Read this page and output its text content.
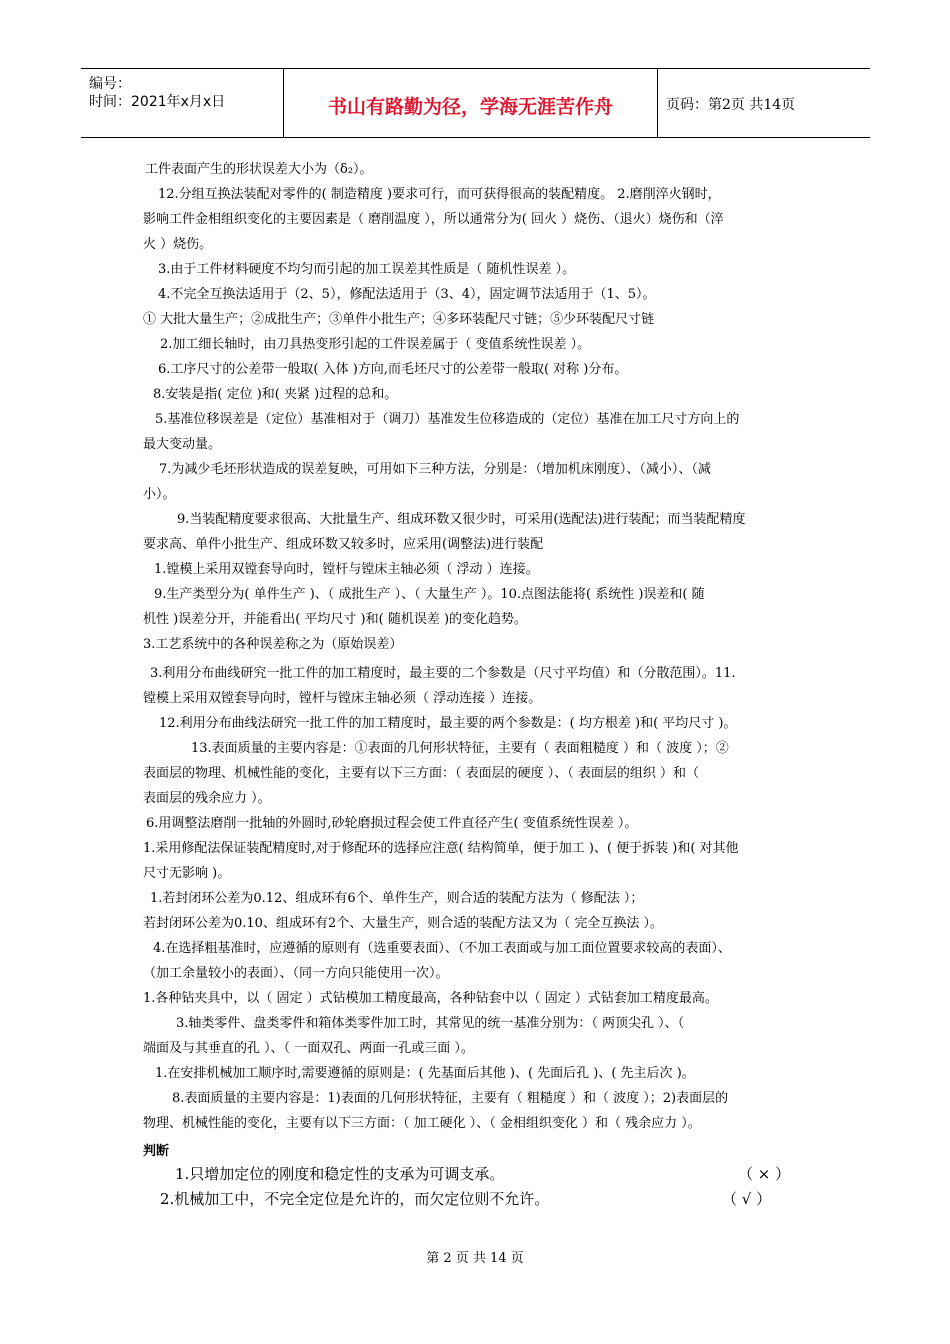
编号：
时间：2021年x月x日	书山有路勤为径，学海无涯苦作舟	页码：第2页 共14页
工件表面产生的形状误差大小为（δ₂）。
12.分组互换法装配对零件的( 制造精度 )要求可行，而可获得很高的装配精度。 2.磨削淬火钢时，
影响工件金相组织变化的主要因素是（ 磨削温度 ），所以通常分为( 回火 ）烧伤、（退火）烧伤和（淬
火 ）烧伤。
3.由于工件材料硬度不均匀而引起的加工误差其性质是（ 随机性误差 ）。
4.不完全互换法适用于（2、5），修配法适用于（3、4），固定调节法适用于（1、5）。
① 大批大量生产；②成批生产；③单件小批生产；④多环装配尺寸链；⑤少环装配尺寸链
2.加工细长轴时，由刀具热变形引起的工件误差属于（ 变值系统性误差 ）。
6.工序尺寸的公差带一般取( 入体 )方向,而毛坯尺寸的公差带一般取( 对称 )分布。
8.安装是指( 定位 )和( 夹紧 )过程的总和。
5.基准位移误差是（定位）基准相对于（调刀）基准发生位移造成的（定位）基准在加工尺寸方向上的
最大变动量。
7.为减少毛坯形状造成的误差复映，可用如下三种方法，分别是：（增加机床刚度）、（减小）、（减
小）。
9.当装配精度要求很高、大批量生产、组成环数又很少时，可采用(选配法)进行装配；而当装配精度
要求高、单件小批生产、组成环数又较多时，应采用(调整法)进行装配
1.镗模上采用双镗套导向时，镗杆与镗床主轴必须（ 浮动 ）连接。
9.生产类型分为( 单件生产 )、（ 成批生产 ）、（ 大量生产 ）。10.点图法能将( 系统性 )误差和( 随
机性 )误差分开，并能看出( 平均尺寸 )和( 随机误差 )的变化趋势。
3.工艺系统中的各种误差称之为（原始误差）
3.利用分布曲线研究一批工件的加工精度时，最主要的二个参数是（尺寸平均值）和（分散范围）。11.
镗模上采用双镗套导向时，镗杆与镗床主轴必须（ 浮动连接 ）连接。
12.利用分布曲线法研究一批工件的加工精度时，最主要的两个参数是：( 均方根差 )和( 平均尺寸 )。
13.表面质量的主要内容是：①表面的几何形状特征，主要有（ 表面粗糙度 ）和（ 波度 ）；②
表面层的物理、机械性能的变化，主要有以下三方面：（ 表面层的硬度 ）、（ 表面层的组织 ）和（
表面层的残余应力 ）。
6.用调整法磨削一批轴的外圆时,砂轮磨损过程会使工件直径产生( 变值系统性误差 ）。
1.采用修配法保证装配精度时,对于修配环的选择应注意( 结构简单，便于加工 )、( 便于拆装 )和( 对其他
尺寸无影响 )。
1.若封闭环公差为0.12、组成环有6个、单件生产，则合适的装配方法为（ 修配法 ）；
若封闭环公差为0.10、组成环有2个、大量生产，则合适的装配方法又为（ 完全互换法 ）。
4.在选择粗基准时，应遵循的原则有（选重要表面）、（不加工表面或与加工面位置要求较高的表面）、
（加工余量较小的表面）、（同一方向只能使用一次）。
1.各种钻夹具中，以（ 固定 ）式钻模加工精度最高，各种钻套中以（ 固定 ）式钻套加工精度最高。
3.轴类零件、盘类零件和箱体类零件加工时，其常见的统一基准分别为：（ 两顶尖孔 ）、（
端面及与其垂直的孔 ）、（ 一面双孔、两面一孔或三面 ）。
1.在安排机械加工顺序时,需要遵循的原则是：( 先基面后其他 )、( 先面后孔 )、( 先主后次 )。
8.表面质量的主要内容是：1)表面的几何形状特征，主要有（ 粗糙度 ）和（ 波度 ）；2)表面层的
物理、机械性能的变化，主要有以下三方面：（ 加工硬化 ）、（ 金相组织变化 ）和（ 残余应力 ）。
判断
1.只增加定位的刚度和稳定性的支承为可调支承。	（ × ）
2.机械加工中，不完全定位是允许的，而欠定位则不允许。	（ √ ）
第 2 页 共 14 页
